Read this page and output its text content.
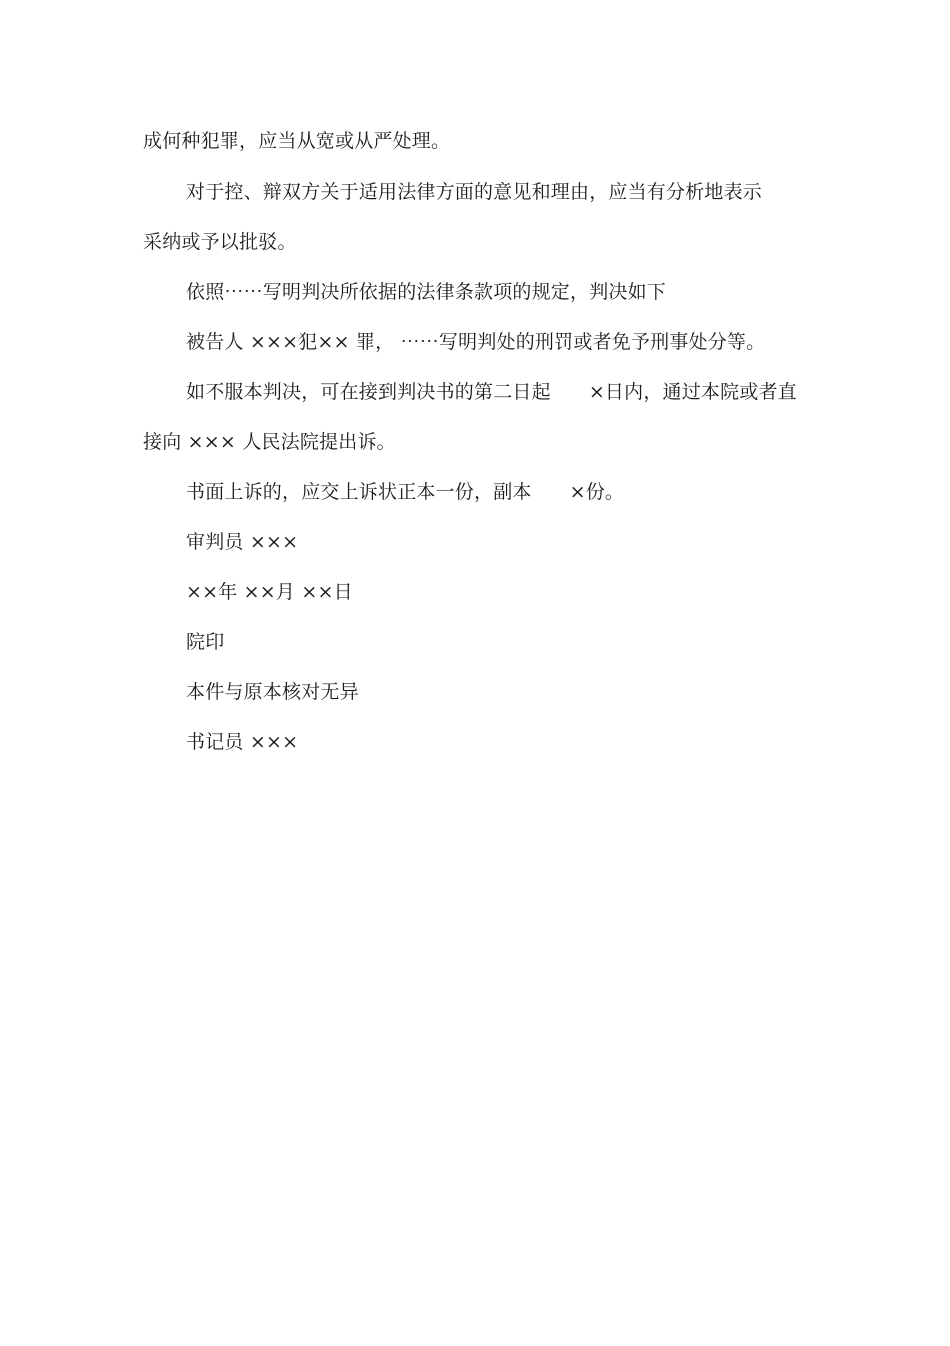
成何种犯罪，应当从宽或从严处理。
对于控、辩双方关于适用法律方面的意见和理由，应当有分析地表示
采纳或予以批驳。
依照⋯⋯写明判决所依据的法律条款项的规定，判决如下
被告人 ×××犯×× 罪， ⋯⋯写明判处的刑罚或者免予刑事处分等。
如不服本判决，可在接到判决书的第二日起 ×日内，通过本院或者直
接向 ××× 人民法院提出诉。
书面上诉的，应交上诉状正本一份，副本 ×份。
审判员 ×××
××年 ××月 ××日
院印
本件与原本核对无异
书记员 ×××
